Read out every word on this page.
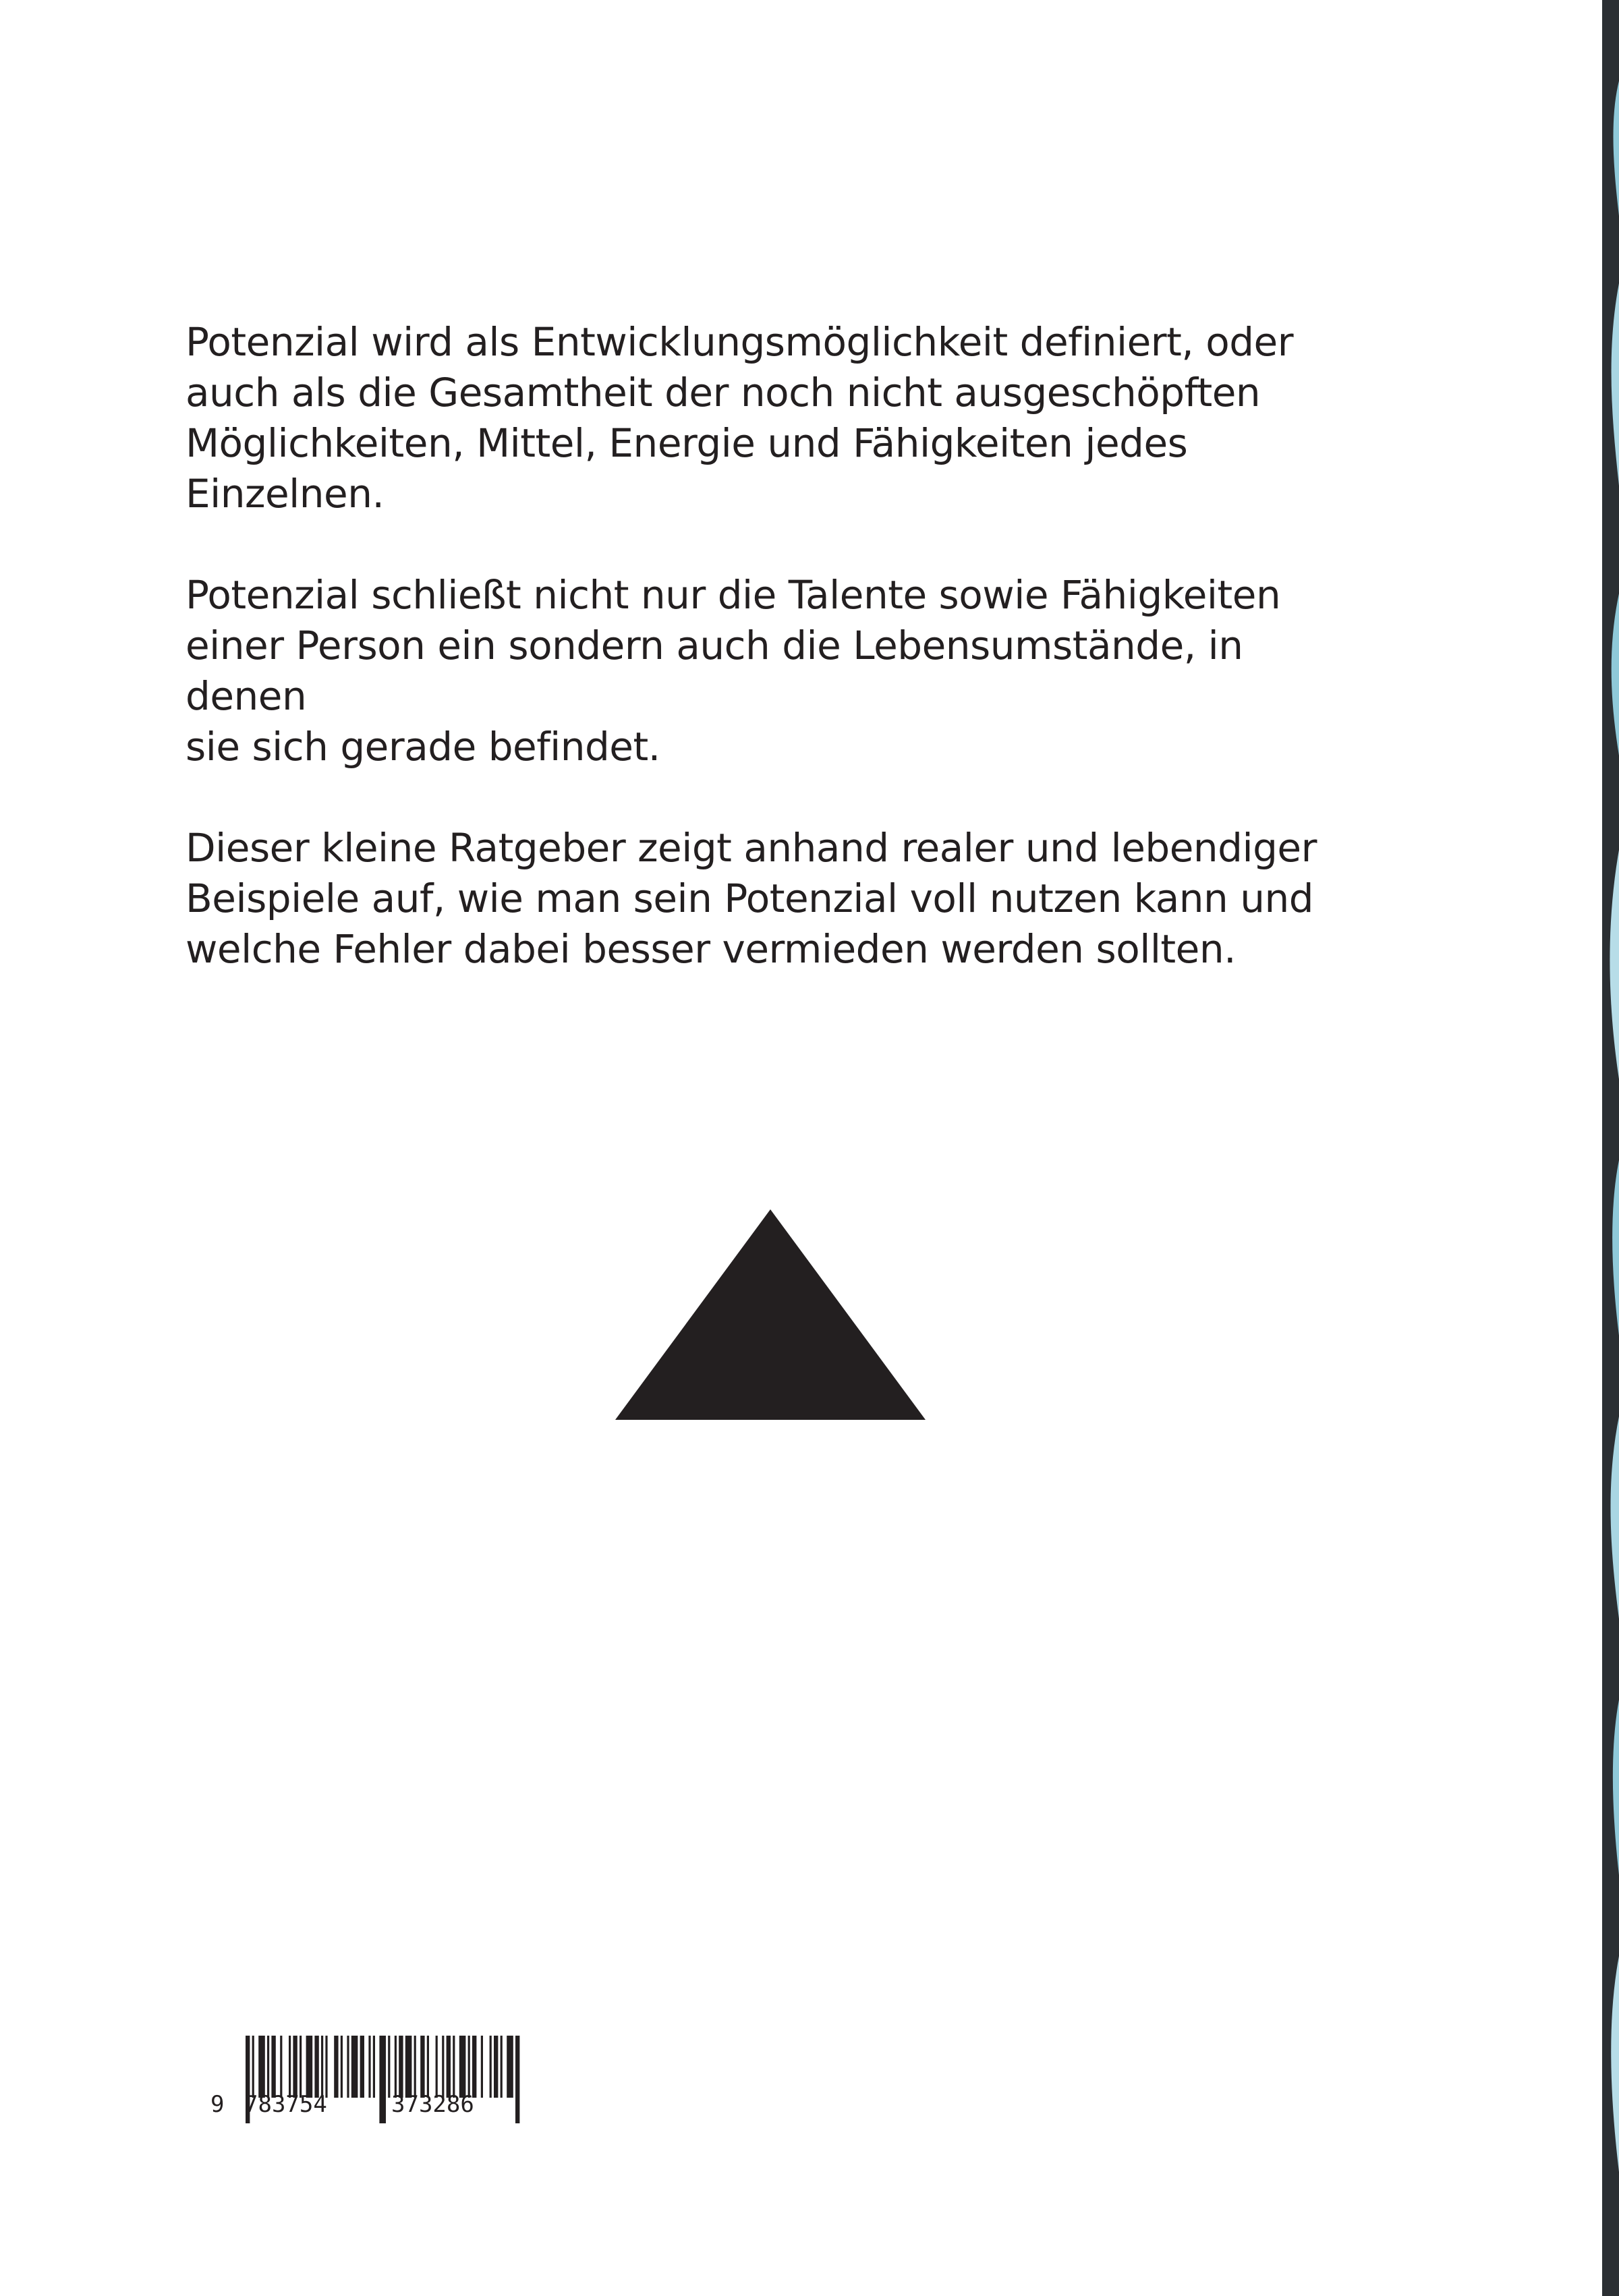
Potenzial wird als Entwicklungsmöglichkeit definiert, oder
auch als die Gesamtheit der noch nicht ausgeschöpften
Möglichkeiten, Mittel, Energie und Fähigkeiten jedes
Einzelnen.

Potenzial schließt nicht nur die Talente sowie Fähigkeiten
einer Person ein sondern auch die Lebensumstände, in denen
sie sich gerade befindet.

Dieser kleine Ratgeber zeigt anhand realer und lebendiger
Beispiele auf, wie man sein Potenzial voll nutzen kann und
welche Fehler dabei besser vermieden werden sollten.

9 783754	373286
